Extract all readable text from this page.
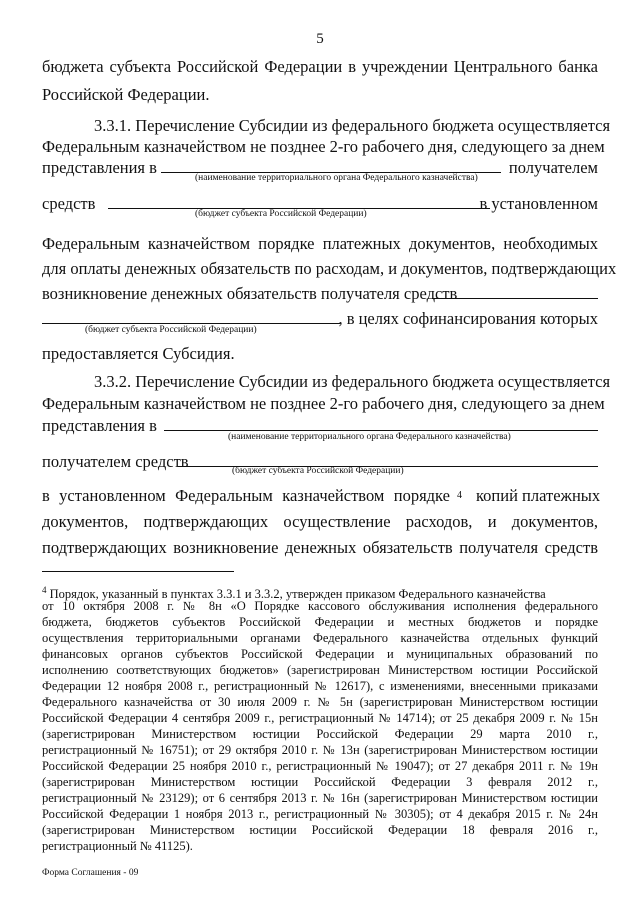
5
бюджета субъекта Российской Федерации в учреждении Центрального банка
Российской Федерации.
3.3.1. Перечисление Субсидии из федерального бюджета осуществляется
Федеральным казначейством не позднее 2-го рабочего дня, следующего за днем
представления в	получателем
(наименование территориального органа Федерального казначейства)
средств	в установленном
(бюджет субъекта Российской Федерации)
Федеральным казначейством порядке платежных документов, необходимых
для оплаты денежных обязательств по расходам, и документов, подтверждающих
возникновение денежных обязательств получателя средств
, в целях софинансирования которых
(бюджет субъекта Российской Федерации)
предоставляется Субсидия.
3.3.2. Перечисление Субсидии из федерального бюджета осуществляется
Федеральным казначейством не позднее 2-го рабочего дня, следующего за днем
представления в
(наименование территориального органа Федерального казначейства)
получателем средств	(бюджет субъекта Российской Федерации)
в установленном Федеральным казначейством порядке 4 копий платежных
документов, подтверждающих осуществление расходов, и документов,
подтверждающих возникновение денежных обязательств получателя средств
$^4$ Порядок, указанный в пунктах 3.3.1 и 3.3.2, утвержден приказом Федерального казначейства
от 10 октября 2008 г. № 8н «О Порядке кассового обслуживания исполнения федерального
бюджета, бюджетов субъектов Российской Федерации и местных бюджетов и порядке
осуществления территориальными органами Федерального казначейства отдельных функций
финансовых органов субъектов Российской Федерации и муниципальных образований по
исполнению соответствующих бюджетов» (зарегистрирован Министерством юстиции Российской
Федерации 12 ноября 2008 г., регистрационный № 12617), с изменениями, внесенными приказами
Федерального казначейства от 30 июля 2009 г. № 5н (зарегистрирован Министерством юстиции
Российской Федерации 4 сентября 2009 г., регистрационный № 14714); от 25 декабря 2009 г. № 15н
(зарегистрирован Министерством юстиции Российской Федерации 29 марта 2010 г.,
регистрационный № 16751); от 29 октября 2010 г. № 13н (зарегистрирован Министерством юстиции
Российской Федерации 25 ноября 2010 г., регистрационный № 19047); от 27 декабря 2011 г. № 19н
(зарегистрирован Министерством юстиции Российской Федерации 3 февраля 2012 г.,
регистрационный № 23129); от 6 сентября 2013 г. № 16н (зарегистрирован Министерством юстиции
Российской Федерации 1 ноября 2013 г., регистрационный № 30305); от 4 декабря 2015 г. № 24н
(зарегистрирован Министерством юстиции Российской Федерации 18 февраля 2016 г.,
регистрационный № 41125).
Форма Соглашения - 09
